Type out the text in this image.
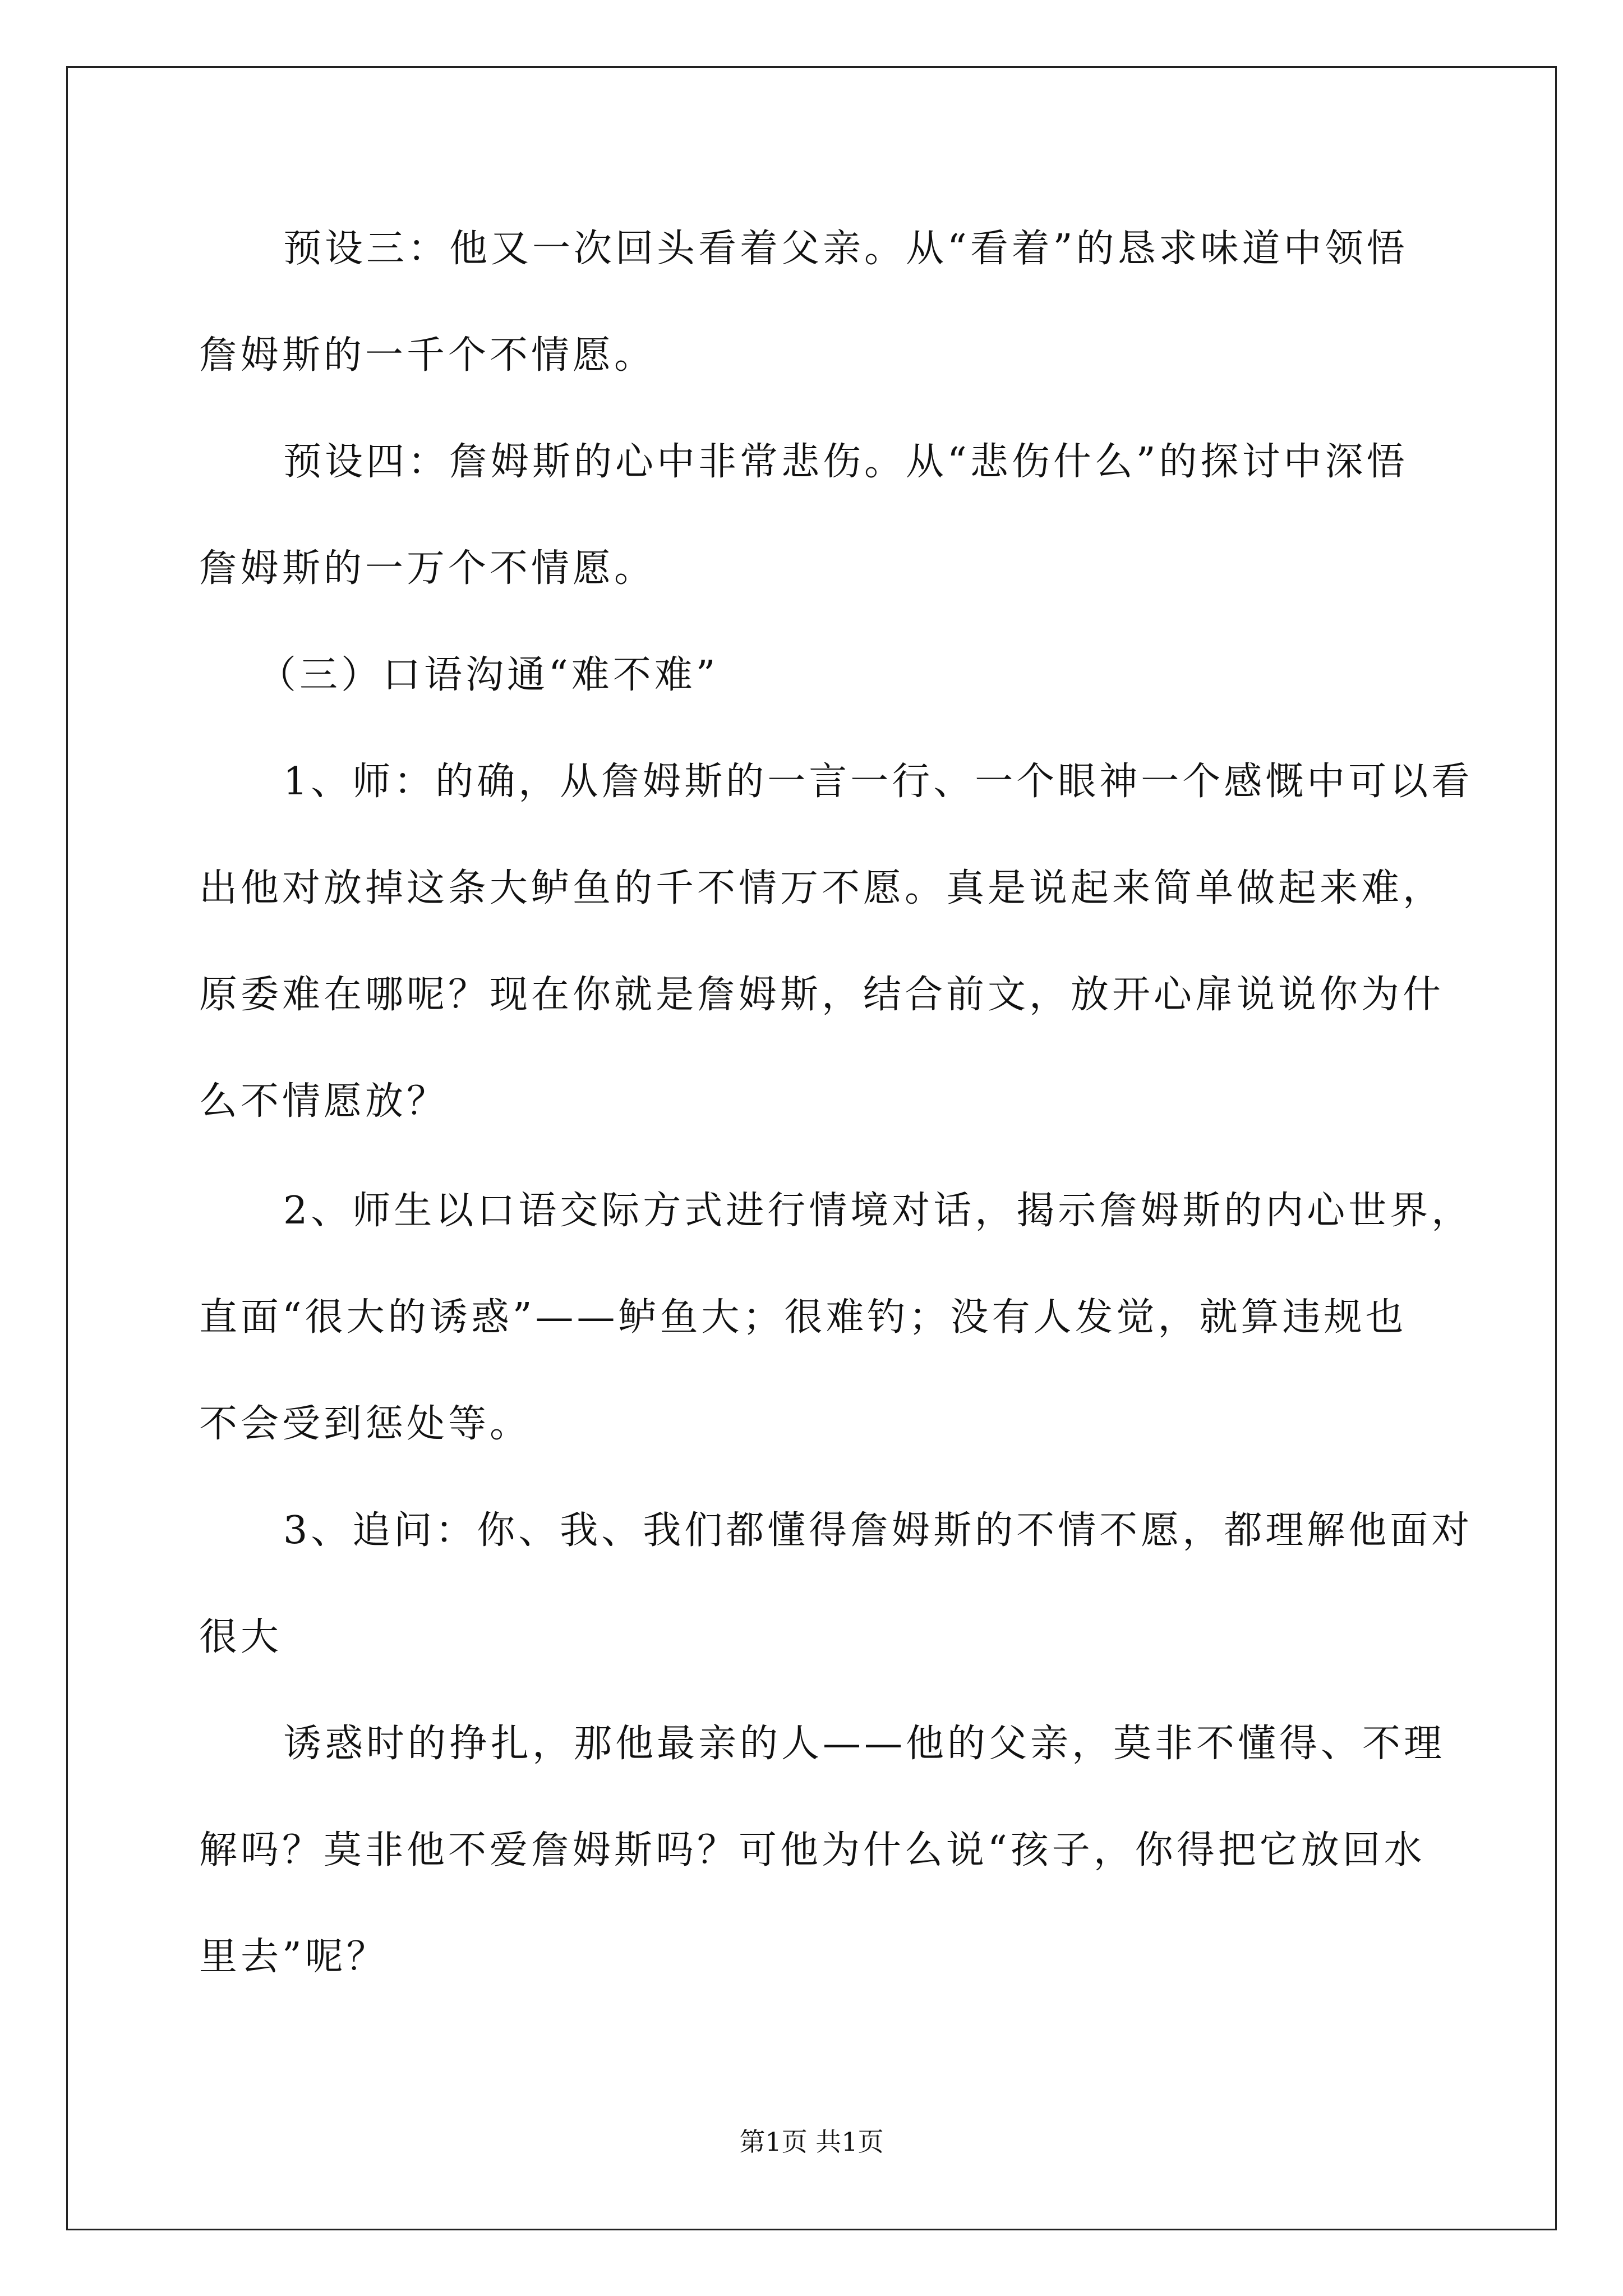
预设三：他又一次回头看着父亲。从“看着”的恳求味道中领悟
詹姆斯的一千个不情愿。
预设四：詹姆斯的心中非常悲伤。从“悲伤什么”的探讨中深悟
詹姆斯的一万个不情愿。
（三）口语沟通“难不难”
1、师：的确，从詹姆斯的一言一行、一个眼神一个感慨中可以看
出他对放掉这条大鲈鱼的千不情万不愿。真是说起来简单做起来难，
原委难在哪呢？现在你就是詹姆斯，结合前文，放开心扉说说你为什
么不情愿放？
2、师生以口语交际方式进行情境对话，揭示詹姆斯的内心世界，
直面“很大的诱惑”——鲈鱼大；很难钓；没有人发觉，就算违规也
不会受到惩处等。
3、追问：你、我、我们都懂得詹姆斯的不情不愿，都理解他面对
很大
诱惑时的挣扎，那他最亲的人——他的父亲，莫非不懂得、不理
解吗？莫非他不爱詹姆斯吗？可他为什么说“孩子，你得把它放回水
里去”呢？
第1页 共1页
